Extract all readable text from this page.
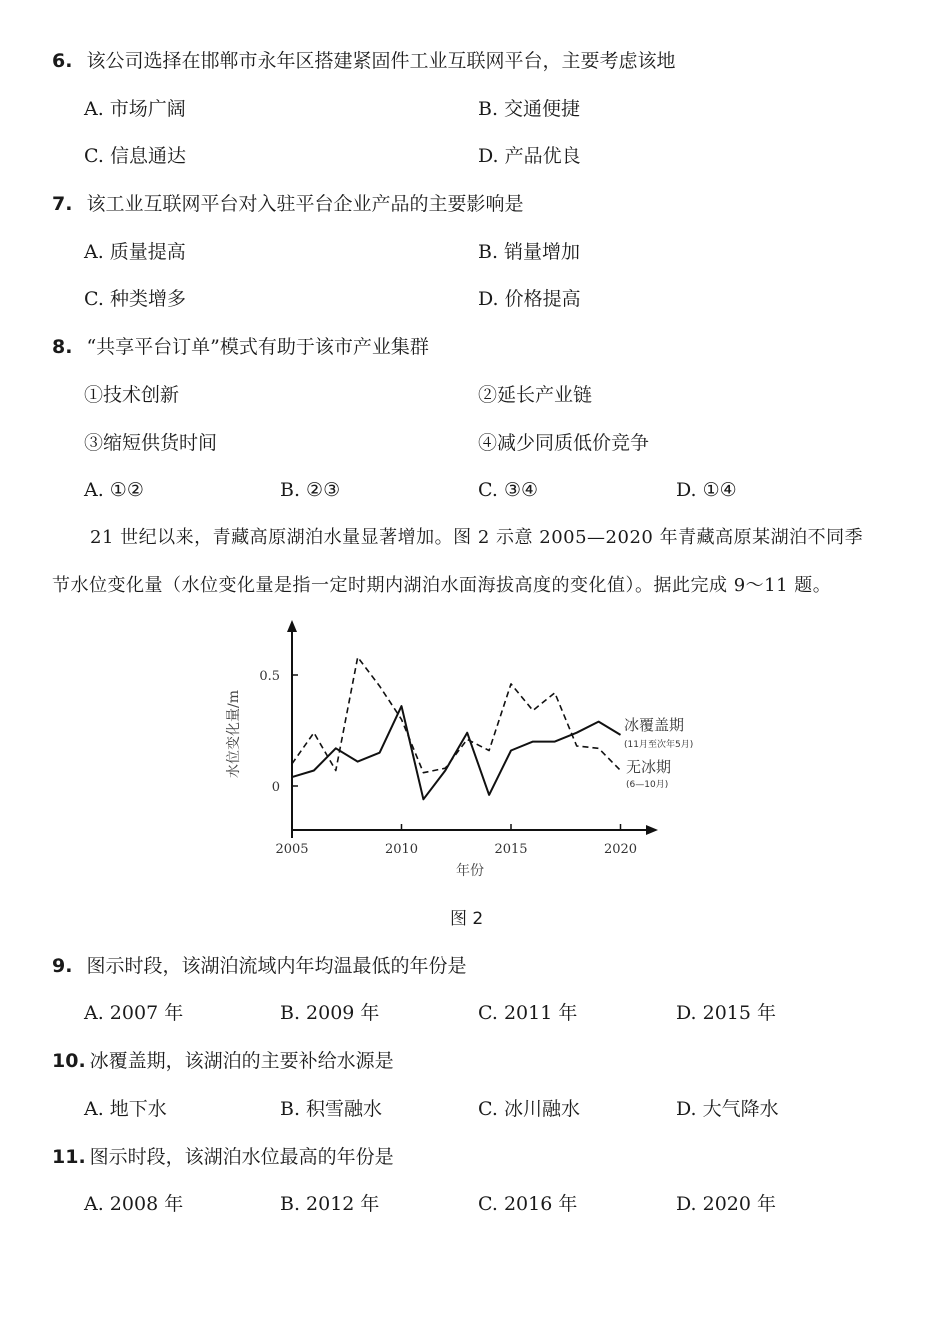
6. 该公司选择在邯郸市永年区搭建紧固件工业互联网平台，主要考虑该地
A. 市场广阔	B. 交通便捷
C. 信息通达	D. 产品优良
7. 该工业互联网平台对入驻平台企业产品的主要影响是
A. 质量提高	B. 销量增加
C. 种类增多	D. 价格提高
8. “共享平台订单”模式有助于该市产业集群
①技术创新	②延长产业链
③缩短供货时间	④减少同质低价竞争
A. ①②	B. ②③	C. ③④	D. ①④
21 世纪以来，青藏高原湖泊水量显著增加。图 2 示意 2005—2020 年青藏高原某湖泊不同季
节水位变化量（水位变化量是指一定时期内湖泊水面海拔高度的变化值）。据此完成 9～11 题。
0
0.5
2005	2010	2015	2020
水位变化量/m
年份
冰覆盖期
(11月至次年5月)
无冰期
(6—10月)
图 2
9. 图示时段，该湖泊流域内年均温最低的年份是
A. 2007 年	B. 2009 年	C. 2011 年	D. 2015 年
10. 冰覆盖期，该湖泊的主要补给水源是
A. 地下水	B. 积雪融水	C. 冰川融水	D. 大气降水
11. 图示时段，该湖泊水位最高的年份是
A. 2008 年	B. 2012 年	C. 2016 年	D. 2020 年
